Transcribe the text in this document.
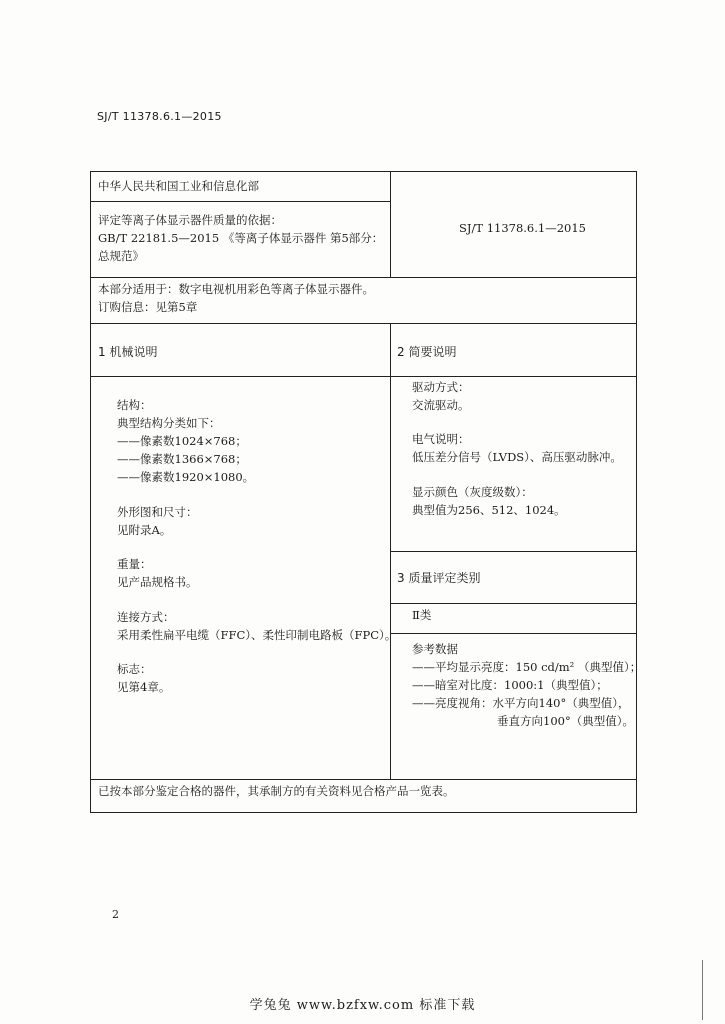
SJ/T 11378.6.1—2015
中华人民共和国工业和信息化部
评定等离子体显示器件质量的依据：
GB/T 22181.5—2015 《等离子体显示器件 第5部分：
总规范》
SJ/T 11378.6.1—2015
本部分适用于：数字电视机用彩色等离子体显示器件。
订购信息：见第5章
1 机械说明	2 简要说明
结构：
典型结构分类如下：
——像素数1024×768；
——像素数1366×768；
——像素数1920×1080。
外形图和尺寸：
见附录A。
重量：
见产品规格书。
连接方式：
采用柔性扁平电缆（FFC）、柔性印制电路板（FPC）。
标志：
见第4章。
驱动方式：
交流驱动。
电气说明：
低压差分信号（LVDS）、高压驱动脉冲。
显示颜色（灰度级数）：
典型值为256、512、1024。
3 质量评定类别
Ⅱ类
参考数据
——平均显示亮度：150 cd/m² （典型值）；
——暗室对比度：1000:1（典型值）；
——亮度视角：水平方向140°（典型值），
垂直方向100°（典型值）。
已按本部分鉴定合格的器件，其承制方的有关资料见合格产品一览表。
2
学兔兔 www.bzfxw.com 标准下载
